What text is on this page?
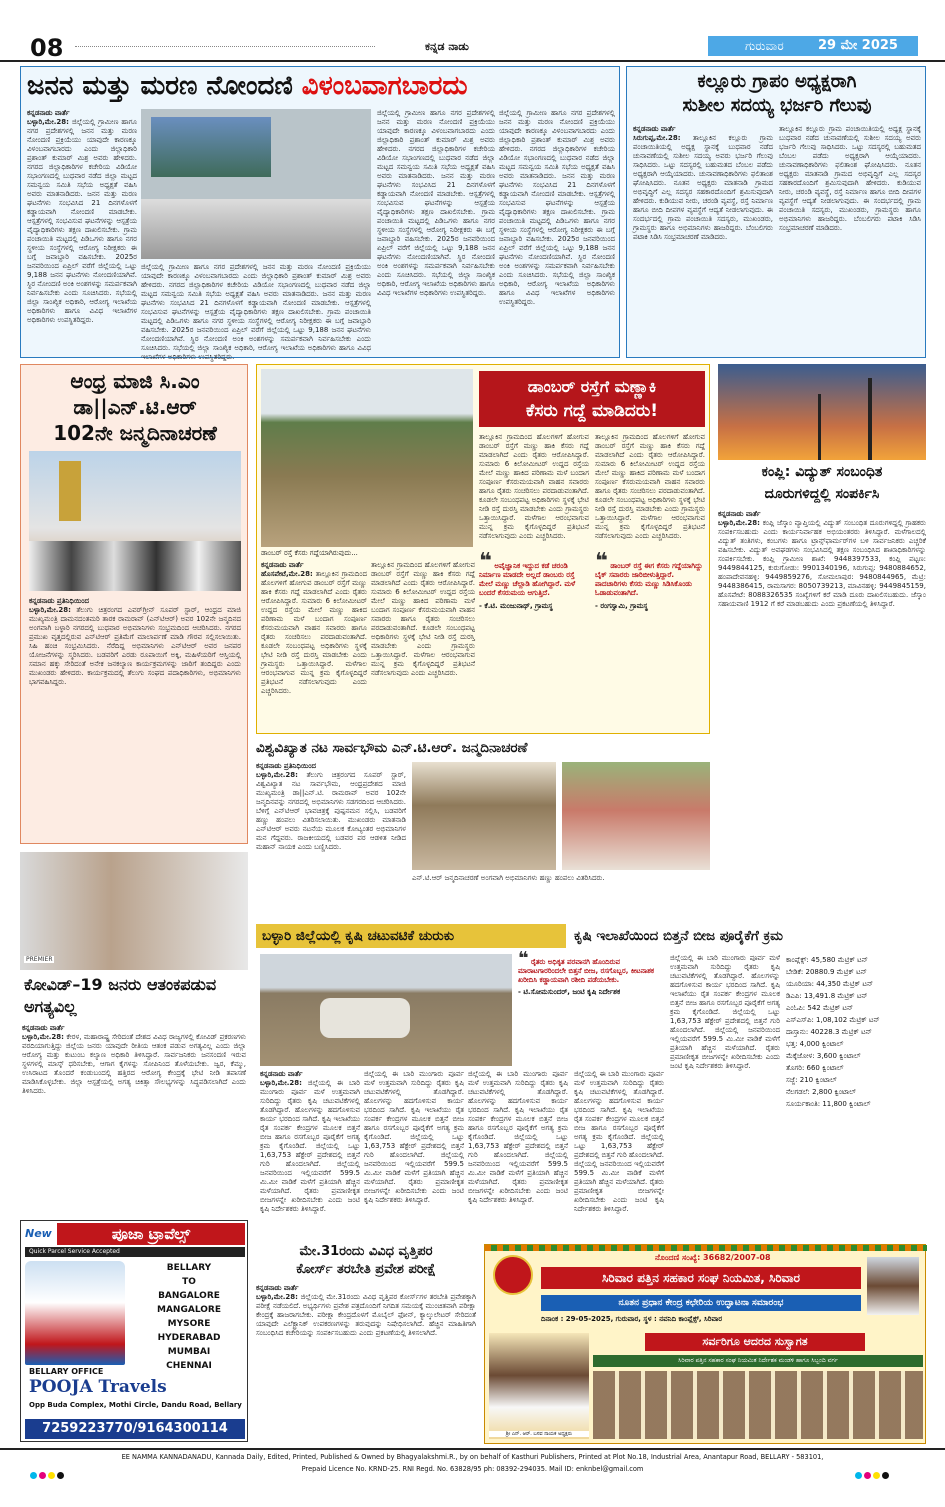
08	ಕನ್ನಡ ನಾಡು	ಗುರುವಾರ	29 ಮೇ 2025
ಜನನ ಮತ್ತು ಮರಣ ನೋಂದಣಿ ವಿಳಂಬವಾಗಬಾರದು
ಕನ್ನಡನಾಡು ವಾರ್ತೆ
ಬಳ್ಳಾರಿ,ಮೇ.28: ಜಿಲ್ಲೆಯಲ್ಲಿ ಗ್ರಾಮೀಣ ಹಾಗೂ ನಗರ ಪ್ರದೇಶಗಳಲ್ಲಿ ಜನನ ಮತ್ತು ಮರಣ ನೋಂದಣಿ ಪ್ರಕ್ರಿಯೆಯು ಯಾವುದೇ ಕಾರಣಕ್ಕೂ ವಿಳಂಬವಾಗಬಾರದು ಎಂದು ಜಿಲ್ಲಾಧಿಕಾರಿ ಪ್ರಶಾಂತ್ ಕುಮಾರ್ ಮಿಶ್ರ ಅವರು ಹೇಳಿದರು. ನಗರದ ಜಿಲ್ಲಾಧಿಕಾರಿಗಳ ಕಚೇರಿಯ ವಿಡಿಯೋ ಸಭಾಂಗಣದಲ್ಲಿ ಬುಧವಾರ ನಡೆದ ಜಿಲ್ಲಾ ಮಟ್ಟದ ಸಮನ್ವಯ ಸಮಿತಿ ಸಭೆಯ ಅಧ್ಯಕ್ಷತೆ ವಹಿಸಿ ಅವರು ಮಾತನಾಡಿದರು. ಜನನ ಮತ್ತು ಮರಣ ಘಟನೆಗಳು ಸಂಭವಿಸಿದ 21 ದಿನಗಳೊಳಗೆ ಕಡ್ಡಾಯವಾಗಿ ನೋಂದಣಿ ಮಾಡಬೇಕು. ಆಸ್ಪತ್ರೆಗಳಲ್ಲಿ ಸಂಭವಿಸುವ ಘಟನೆಗಳನ್ನು ಆಸ್ಪತ್ರೆಯ ವೈದ್ಯಾಧಿಕಾರಿಗಳು ತಕ್ಷಣ ದಾಖಲಿಸಬೇಕು. ಗ್ರಾಮ ಪಂಚಾಯಿತಿ ಮಟ್ಟದಲ್ಲಿ ಪಿಡಿಒಗಳು ಹಾಗೂ ನಗರ ಸ್ಥಳೀಯ ಸಂಸ್ಥೆಗಳಲ್ಲಿ ಆರೋಗ್ಯ ನಿರೀಕ್ಷಕರು ಈ ಬಗ್ಗೆ ಜವಾಬ್ದಾರಿ ವಹಿಸಬೇಕು. 2025ರ ಜನವರಿಯಿಂದ ಏಪ್ರಿಲ್ ವರೆಗೆ ಜಿಲ್ಲೆಯಲ್ಲಿ ಒಟ್ಟು 9,188 ಜನನ ಘಟನೆಗಳು ನೋಂದಣಿಯಾಗಿವೆ. ಸ್ಥಿರ ನೋಂದಣಿ ಅಂಕಿ ಅಂಶಗಳನ್ನು ಸಮರ್ಪಕವಾಗಿ ನಿರ್ವಹಿಸಬೇಕು ಎಂದು ಸೂಚಿಸಿದರು. ಸಭೆಯಲ್ಲಿ ಜಿಲ್ಲಾ ಸಾಂಖ್ಯಿಕ ಅಧಿಕಾರಿ, ಆರೋಗ್ಯ ಇಲಾಖೆಯ ಅಧಿಕಾರಿಗಳು ಹಾಗೂ ವಿವಿಧ ಇಲಾಖೆಗಳ ಅಧಿಕಾರಿಗಳು ಉಪಸ್ಥಿತರಿದ್ದರು.
ಜಿಲ್ಲೆಯಲ್ಲಿ ಗ್ರಾಮೀಣ ಹಾಗೂ ನಗರ ಪ್ರದೇಶಗಳಲ್ಲಿ ಜನನ ಮತ್ತು ಮರಣ ನೋಂದಣಿ ಪ್ರಕ್ರಿಯೆಯು ಯಾವುದೇ ಕಾರಣಕ್ಕೂ ವಿಳಂಬವಾಗಬಾರದು ಎಂದು ಜಿಲ್ಲಾಧಿಕಾರಿ ಪ್ರಶಾಂತ್ ಕುಮಾರ್ ಮಿಶ್ರ ಅವರು ಹೇಳಿದರು. ನಗರದ ಜಿಲ್ಲಾಧಿಕಾರಿಗಳ ಕಚೇರಿಯ ವಿಡಿಯೋ ಸಭಾಂಗಣದಲ್ಲಿ ಬುಧವಾರ ನಡೆದ ಜಿಲ್ಲಾ ಮಟ್ಟದ ಸಮನ್ವಯ ಸಮಿತಿ ಸಭೆಯ ಅಧ್ಯಕ್ಷತೆ ವಹಿಸಿ ಅವರು ಮಾತನಾಡಿದರು. ಜನನ ಮತ್ತು ಮರಣ ಘಟನೆಗಳು ಸಂಭವಿಸಿದ 21 ದಿನಗಳೊಳಗೆ ಕಡ್ಡಾಯವಾಗಿ ನೋಂದಣಿ ಮಾಡಬೇಕು. ಆಸ್ಪತ್ರೆಗಳಲ್ಲಿ ಸಂಭವಿಸುವ ಘಟನೆಗಳನ್ನು ಆಸ್ಪತ್ರೆಯ ವೈದ್ಯಾಧಿಕಾರಿಗಳು ತಕ್ಷಣ ದಾಖಲಿಸಬೇಕು. ಗ್ರಾಮ ಪಂಚಾಯಿತಿ ಮಟ್ಟದಲ್ಲಿ ಪಿಡಿಒಗಳು ಹಾಗೂ ನಗರ ಸ್ಥಳೀಯ ಸಂಸ್ಥೆಗಳಲ್ಲಿ ಆರೋಗ್ಯ ನಿರೀಕ್ಷಕರು ಈ ಬಗ್ಗೆ ಜವಾಬ್ದಾರಿ ವಹಿಸಬೇಕು. 2025ರ ಜನವರಿಯಿಂದ ಏಪ್ರಿಲ್ ವರೆಗೆ ಜಿಲ್ಲೆಯಲ್ಲಿ ಒಟ್ಟು 9,188 ಜನನ ಘಟನೆಗಳು ನೋಂದಣಿಯಾಗಿವೆ. ಸ್ಥಿರ ನೋಂದಣಿ ಅಂಕಿ ಅಂಶಗಳನ್ನು ಸಮರ್ಪಕವಾಗಿ ನಿರ್ವಹಿಸಬೇಕು ಎಂದು ಸೂಚಿಸಿದರು. ಸಭೆಯಲ್ಲಿ ಜಿಲ್ಲಾ ಸಾಂಖ್ಯಿಕ ಅಧಿಕಾರಿ, ಆರೋಗ್ಯ ಇಲಾಖೆಯ ಅಧಿಕಾರಿಗಳು ಹಾಗೂ ವಿವಿಧ ಇಲಾಖೆಗಳ ಅಧಿಕಾರಿಗಳು ಉಪಸ್ಥಿತರಿದ್ದರು.
ಜಿಲ್ಲೆಯಲ್ಲಿ ಗ್ರಾಮೀಣ ಹಾಗೂ ನಗರ ಪ್ರದೇಶಗಳಲ್ಲಿ ಜನನ ಮತ್ತು ಮರಣ ನೋಂದಣಿ ಪ್ರಕ್ರಿಯೆಯು ಯಾವುದೇ ಕಾರಣಕ್ಕೂ ವಿಳಂಬವಾಗಬಾರದು ಎಂದು ಜಿಲ್ಲಾಧಿಕಾರಿ ಪ್ರಶಾಂತ್ ಕುಮಾರ್ ಮಿಶ್ರ ಅವರು ಹೇಳಿದರು. ನಗರದ ಜಿಲ್ಲಾಧಿಕಾರಿಗಳ ಕಚೇರಿಯ ವಿಡಿಯೋ ಸಭಾಂಗಣದಲ್ಲಿ ಬುಧವಾರ ನಡೆದ ಜಿಲ್ಲಾ ಮಟ್ಟದ ಸಮನ್ವಯ ಸಮಿತಿ ಸಭೆಯ ಅಧ್ಯಕ್ಷತೆ ವಹಿಸಿ ಅವರು ಮಾತನಾಡಿದರು. ಜನನ ಮತ್ತು ಮರಣ ಘಟನೆಗಳು ಸಂಭವಿಸಿದ 21 ದಿನಗಳೊಳಗೆ ಕಡ್ಡಾಯವಾಗಿ ನೋಂದಣಿ ಮಾಡಬೇಕು. ಆಸ್ಪತ್ರೆಗಳಲ್ಲಿ ಸಂಭವಿಸುವ ಘಟನೆಗಳನ್ನು ಆಸ್ಪತ್ರೆಯ ವೈದ್ಯಾಧಿಕಾರಿಗಳು ತಕ್ಷಣ ದಾಖಲಿಸಬೇಕು. ಗ್ರಾಮ ಪಂಚಾಯಿತಿ ಮಟ್ಟದಲ್ಲಿ ಪಿಡಿಒಗಳು ಹಾಗೂ ನಗರ ಸ್ಥಳೀಯ ಸಂಸ್ಥೆಗಳಲ್ಲಿ ಆರೋಗ್ಯ ನಿರೀಕ್ಷಕರು ಈ ಬಗ್ಗೆ ಜವಾಬ್ದಾರಿ ವಹಿಸಬೇಕು. 2025ರ ಜನವರಿಯಿಂದ ಏಪ್ರಿಲ್ ವರೆಗೆ ಜಿಲ್ಲೆಯಲ್ಲಿ ಒಟ್ಟು 9,188 ಜನನ ಘಟನೆಗಳು ನೋಂದಣಿಯಾಗಿವೆ. ಸ್ಥಿರ ನೋಂದಣಿ ಅಂಕಿ ಅಂಶಗಳನ್ನು ಸಮರ್ಪಕವಾಗಿ ನಿರ್ವಹಿಸಬೇಕು ಎಂದು ಸೂಚಿಸಿದರು. ಸಭೆಯಲ್ಲಿ ಜಿಲ್ಲಾ ಸಾಂಖ್ಯಿಕ ಅಧಿಕಾರಿ, ಆರೋಗ್ಯ ಇಲಾಖೆಯ ಅಧಿಕಾರಿಗಳು ಹಾಗೂ ವಿವಿಧ ಇಲಾಖೆಗಳ ಅಧಿಕಾರಿಗಳು ಉಪಸ್ಥಿತರಿದ್ದರು.
ಜಿಲ್ಲೆಯಲ್ಲಿ ಗ್ರಾಮೀಣ ಹಾಗೂ ನಗರ ಪ್ರದೇಶಗಳಲ್ಲಿ ಜನನ ಮತ್ತು ಮರಣ ನೋಂದಣಿ ಪ್ರಕ್ರಿಯೆಯು ಯಾವುದೇ ಕಾರಣಕ್ಕೂ ವಿಳಂಬವಾಗಬಾರದು ಎಂದು ಜಿಲ್ಲಾಧಿಕಾರಿ ಪ್ರಶಾಂತ್ ಕುಮಾರ್ ಮಿಶ್ರ ಅವರು ಹೇಳಿದರು. ನಗರದ ಜಿಲ್ಲಾಧಿಕಾರಿಗಳ ಕಚೇರಿಯ ವಿಡಿಯೋ ಸಭಾಂಗಣದಲ್ಲಿ ಬುಧವಾರ ನಡೆದ ಜಿಲ್ಲಾ ಮಟ್ಟದ ಸಮನ್ವಯ ಸಮಿತಿ ಸಭೆಯ ಅಧ್ಯಕ್ಷತೆ ವಹಿಸಿ ಅವರು ಮಾತನಾಡಿದರು. ಜನನ ಮತ್ತು ಮರಣ ಘಟನೆಗಳು ಸಂಭವಿಸಿದ 21 ದಿನಗಳೊಳಗೆ ಕಡ್ಡಾಯವಾಗಿ ನೋಂದಣಿ ಮಾಡಬೇಕು. ಆಸ್ಪತ್ರೆಗಳಲ್ಲಿ ಸಂಭವಿಸುವ ಘಟನೆಗಳನ್ನು ಆಸ್ಪತ್ರೆಯ ವೈದ್ಯಾಧಿಕಾರಿಗಳು ತಕ್ಷಣ ದಾಖಲಿಸಬೇಕು. ಗ್ರಾಮ ಪಂಚಾಯಿತಿ ಮಟ್ಟದಲ್ಲಿ ಪಿಡಿಒಗಳು ಹಾಗೂ ನಗರ ಸ್ಥಳೀಯ ಸಂಸ್ಥೆಗಳಲ್ಲಿ ಆರೋಗ್ಯ ನಿರೀಕ್ಷಕರು ಈ ಬಗ್ಗೆ ಜವಾಬ್ದಾರಿ ವಹಿಸಬೇಕು. 2025ರ ಜನವರಿಯಿಂದ ಏಪ್ರಿಲ್ ವರೆಗೆ ಜಿಲ್ಲೆಯಲ್ಲಿ ಒಟ್ಟು 9,188 ಜನನ ಘಟನೆಗಳು ನೋಂದಣಿಯಾಗಿವೆ. ಸ್ಥಿರ ನೋಂದಣಿ ಅಂಕಿ ಅಂಶಗಳನ್ನು ಸಮರ್ಪಕವಾಗಿ ನಿರ್ವಹಿಸಬೇಕು ಎಂದು ಸೂಚಿಸಿದರು. ಸಭೆಯಲ್ಲಿ ಜಿಲ್ಲಾ ಸಾಂಖ್ಯಿಕ ಅಧಿಕಾರಿ, ಆರೋಗ್ಯ ಇಲಾಖೆಯ ಅಧಿಕಾರಿಗಳು ಹಾಗೂ ವಿವಿಧ ಇಲಾಖೆಗಳ ಅಧಿಕಾರಿಗಳು ಉಪಸ್ಥಿತರಿದ್ದರು.
ಕಲ್ಲೂರು ಗ್ರಾಪಂ ಅಧ್ಯಕ್ಷರಾಗಿ
ಸುಶೀಲ ಸದಯ್ಯ ಭರ್ಜರಿ ಗೆಲುವು
ಕನ್ನಡನಾಡು ವಾರ್ತೆ
ಸಿರುಗುಪ್ಪ,ಮೇ.28: ತಾಲ್ಲೂಕಿನ ಕಲ್ಲೂರು ಗ್ರಾಮ ಪಂಚಾಯಿತಿಯಲ್ಲಿ ಅಧ್ಯಕ್ಷ ಸ್ಥಾನಕ್ಕೆ ಬುಧವಾರ ನಡೆದ ಚುನಾವಣೆಯಲ್ಲಿ ಸುಶೀಲ ಸದಯ್ಯ ಅವರು ಭರ್ಜರಿ ಗೆಲುವು ಸಾಧಿಸಿದರು. ಒಟ್ಟು ಸದಸ್ಯರಲ್ಲಿ ಬಹುಮತದ ಬೆಂಬಲ ಪಡೆದು ಅಧ್ಯಕ್ಷರಾಗಿ ಆಯ್ಕೆಯಾದರು. ಚುನಾವಣಾಧಿಕಾರಿಗಳು ಫಲಿತಾಂಶ ಘೋಷಿಸಿದರು. ನೂತನ ಅಧ್ಯಕ್ಷರು ಮಾತನಾಡಿ ಗ್ರಾಮದ ಅಭಿವೃದ್ಧಿಗೆ ಎಲ್ಲ ಸದಸ್ಯರ ಸಹಕಾರದೊಂದಿಗೆ ಶ್ರಮಿಸುವುದಾಗಿ ಹೇಳಿದರು. ಕುಡಿಯುವ ನೀರು, ಚರಂಡಿ ವ್ಯವಸ್ಥೆ, ರಸ್ತೆ ನಿರ್ಮಾಣ ಹಾಗೂ ಬೀದಿ ದೀಪಗಳ ವ್ಯವಸ್ಥೆಗೆ ಆದ್ಯತೆ ನೀಡಲಾಗುವುದು. ಈ ಸಂದರ್ಭದಲ್ಲಿ ಗ್ರಾಮ ಪಂಚಾಯಿತಿ ಸದಸ್ಯರು, ಮುಖಂಡರು, ಗ್ರಾಮಸ್ಥರು ಹಾಗೂ ಅಭಿಮಾನಿಗಳು ಹಾಜರಿದ್ದರು. ಬೆಂಬಲಿಗರು ಪಟಾಕಿ ಸಿಡಿಸಿ ಸಂಭ್ರಮಾಚರಣೆ ಮಾಡಿದರು.
ತಾಲ್ಲೂಕಿನ ಕಲ್ಲೂರು ಗ್ರಾಮ ಪಂಚಾಯಿತಿಯಲ್ಲಿ ಅಧ್ಯಕ್ಷ ಸ್ಥಾನಕ್ಕೆ ಬುಧವಾರ ನಡೆದ ಚುನಾವಣೆಯಲ್ಲಿ ಸುಶೀಲ ಸದಯ್ಯ ಅವರು ಭರ್ಜರಿ ಗೆಲುವು ಸಾಧಿಸಿದರು. ಒಟ್ಟು ಸದಸ್ಯರಲ್ಲಿ ಬಹುಮತದ ಬೆಂಬಲ ಪಡೆದು ಅಧ್ಯಕ್ಷರಾಗಿ ಆಯ್ಕೆಯಾದರು. ಚುನಾವಣಾಧಿಕಾರಿಗಳು ಫಲಿತಾಂಶ ಘೋಷಿಸಿದರು. ನೂತನ ಅಧ್ಯಕ್ಷರು ಮಾತನಾಡಿ ಗ್ರಾಮದ ಅಭಿವೃದ್ಧಿಗೆ ಎಲ್ಲ ಸದಸ್ಯರ ಸಹಕಾರದೊಂದಿಗೆ ಶ್ರಮಿಸುವುದಾಗಿ ಹೇಳಿದರು. ಕುಡಿಯುವ ನೀರು, ಚರಂಡಿ ವ್ಯವಸ್ಥೆ, ರಸ್ತೆ ನಿರ್ಮಾಣ ಹಾಗೂ ಬೀದಿ ದೀಪಗಳ ವ್ಯವಸ್ಥೆಗೆ ಆದ್ಯತೆ ನೀಡಲಾಗುವುದು. ಈ ಸಂದರ್ಭದಲ್ಲಿ ಗ್ರಾಮ ಪಂಚಾಯಿತಿ ಸದಸ್ಯರು, ಮುಖಂಡರು, ಗ್ರಾಮಸ್ಥರು ಹಾಗೂ ಅಭಿಮಾನಿಗಳು ಹಾಜರಿದ್ದರು. ಬೆಂಬಲಿಗರು ಪಟಾಕಿ ಸಿಡಿಸಿ ಸಂಭ್ರಮಾಚರಣೆ ಮಾಡಿದರು.
ಆಂಧ್ರ ಮಾಜಿ ಸಿ.ಎಂ
ಡಾ||ಎನ್.ಟಿ.ಆರ್
102ನೇ ಜನ್ಮದಿನಾಚರಣೆ
ಕನ್ನಡನಾಡು ಪ್ರತಿನಿಧಿಯಿಂದ
ಬಳ್ಳಾರಿ,ಮೇ.28: ತೆಲುಗು ಚಿತ್ರರಂಗದ ಎವರ್‌ಗ್ರೀನ್ ಸೂಪರ್ ಸ್ಟಾರ್, ಆಂಧ್ರದ ಮಾಜಿ ಮುಖ್ಯಮಂತ್ರಿ ದಾಮನದಂತಮರಿ ತಾರಕ ರಾಮರಾವ್ (ಎನ್‌ಟಿಆರ್) ಅವರ 102ನೇ ಜನ್ಮದಿನದ ಅಂಗವಾಗಿ ಬಳ್ಳಾರಿ ನಗರದಲ್ಲಿ ಬುಧವಾರ ಅಭಿಮಾನಿಗಳು ಸಂಭ್ರಮದಿಂದ ಆಚರಿಸಿದರು. ನಗರದ ಪ್ರಮುಖ ವೃತ್ತದಲ್ಲಿರುವ ಎನ್‌ಟಿಆರ್ ಪ್ರತಿಮೆಗೆ ಮಾಲಾರ್ಪಣೆ ಮಾಡಿ ಗೌರವ ಸಲ್ಲಿಸಲಾಯಿತು. ಸಿಹಿ ಹಂಚಿ ಸಂಭ್ರಮಿಸಿದರು. ನೆರೆದಿದ್ದ ಅಭಿಮಾನಿಗಳು ಎನ್‌ಟಿಆರ್ ಅವರ ಜನಪರ ಯೋಜನೆಗಳನ್ನು ಸ್ಮರಿಸಿದರು. ಬಡವರಿಗೆ ಎರಡು ರೂಪಾಯಿಗೆ ಅಕ್ಕಿ, ಮಹಿಳೆಯರಿಗೆ ಆಸ್ತಿಯಲ್ಲಿ ಸಮಾನ ಹಕ್ಕು ಸೇರಿದಂತೆ ಅನೇಕ ಜನಕಲ್ಯಾಣ ಕಾರ್ಯಕ್ರಮಗಳನ್ನು ಜಾರಿಗೆ ತಂದಿದ್ದರು ಎಂದು ಮುಖಂಡರು ಹೇಳಿದರು. ಕಾರ್ಯಕ್ರಮದಲ್ಲಿ ತೆಲುಗು ಸಂಘದ ಪದಾಧಿಕಾರಿಗಳು, ಅಭಿಮಾನಿಗಳು ಭಾಗವಹಿಸಿದ್ದರು.
ಡಾಂಬರ್ ರಸ್ತೆ ಕೆಸರು ಗದ್ದೆಯಾಗಿರುವುದು...
ಡಾಂಬರ್ ರಸ್ತೆಗೆ ಮಣ್ಣಾಕಿ
ಕೆಸರು ಗದ್ದೆ ಮಾಡಿದರು!
ತಾಲ್ಲೂಕಿನ ಗ್ರಾಮದಿಂದ ಹೊಲಗಳಿಗೆ ಹೋಗುವ ಡಾಂಬರ್ ರಸ್ತೆಗೆ ಮಣ್ಣು ಹಾಕಿ ಕೆಸರು ಗದ್ದೆ ಮಾಡಲಾಗಿದೆ ಎಂದು ರೈತರು ಆರೋಪಿಸಿದ್ದಾರೆ. ಸುಮಾರು 6 ಕಿಲೋಮೀಟರ್ ಉದ್ದದ ರಸ್ತೆಯ ಮೇಲೆ ಮಣ್ಣು ಹಾಕಿದ ಪರಿಣಾಮ ಮಳೆ ಬಂದಾಗ ಸಂಪೂರ್ಣ ಕೆಸರುಮಯವಾಗಿ ವಾಹನ ಸವಾರರು ಹಾಗೂ ರೈತರು ಸಂಚರಿಸಲು ಪರದಾಡುವಂತಾಗಿದೆ. ಕೂಡಲೇ ಸಂಬಂಧಪಟ್ಟ ಅಧಿಕಾರಿಗಳು ಸ್ಥಳಕ್ಕೆ ಭೇಟಿ ನೀಡಿ ರಸ್ತೆ ದುರಸ್ತಿ ಮಾಡಬೇಕು ಎಂದು ಗ್ರಾಮಸ್ಥರು ಒತ್ತಾಯಿಸಿದ್ದಾರೆ. ಮಳೆಗಾಲ ಆರಂಭವಾಗುವ ಮುನ್ನ ಕ್ರಮ ಕೈಗೊಳ್ಳದಿದ್ದರೆ ಪ್ರತಿಭಟನೆ ನಡೆಸಲಾಗುವುದು ಎಂದು ಎಚ್ಚರಿಸಿದರು.
ತಾಲ್ಲೂಕಿನ ಗ್ರಾಮದಿಂದ ಹೊಲಗಳಿಗೆ ಹೋಗುವ ಡಾಂಬರ್ ರಸ್ತೆಗೆ ಮಣ್ಣು ಹಾಕಿ ಕೆಸರು ಗದ್ದೆ ಮಾಡಲಾಗಿದೆ ಎಂದು ರೈತರು ಆರೋಪಿಸಿದ್ದಾರೆ. ಸುಮಾರು 6 ಕಿಲೋಮೀಟರ್ ಉದ್ದದ ರಸ್ತೆಯ ಮೇಲೆ ಮಣ್ಣು ಹಾಕಿದ ಪರಿಣಾಮ ಮಳೆ ಬಂದಾಗ ಸಂಪೂರ್ಣ ಕೆಸರುಮಯವಾಗಿ ವಾಹನ ಸವಾರರು ಹಾಗೂ ರೈತರು ಸಂಚರಿಸಲು ಪರದಾಡುವಂತಾಗಿದೆ. ಕೂಡಲೇ ಸಂಬಂಧಪಟ್ಟ ಅಧಿಕಾರಿಗಳು ಸ್ಥಳಕ್ಕೆ ಭೇಟಿ ನೀಡಿ ರಸ್ತೆ ದುರಸ್ತಿ ಮಾಡಬೇಕು ಎಂದು ಗ್ರಾಮಸ್ಥರು ಒತ್ತಾಯಿಸಿದ್ದಾರೆ. ಮಳೆಗಾಲ ಆರಂಭವಾಗುವ ಮುನ್ನ ಕ್ರಮ ಕೈಗೊಳ್ಳದಿದ್ದರೆ ಪ್ರತಿಭಟನೆ ನಡೆಸಲಾಗುವುದು ಎಂದು ಎಚ್ಚರಿಸಿದರು.
ಕನ್ನಡನಾಡು ವಾರ್ತೆ
ಹೊಸಪೇಟೆ,ಮೇ.28: ತಾಲ್ಲೂಕಿನ ಗ್ರಾಮದಿಂದ ಹೊಲಗಳಿಗೆ ಹೋಗುವ ಡಾಂಬರ್ ರಸ್ತೆಗೆ ಮಣ್ಣು ಹಾಕಿ ಕೆಸರು ಗದ್ದೆ ಮಾಡಲಾಗಿದೆ ಎಂದು ರೈತರು ಆರೋಪಿಸಿದ್ದಾರೆ. ಸುಮಾರು 6 ಕಿಲೋಮೀಟರ್ ಉದ್ದದ ರಸ್ತೆಯ ಮೇಲೆ ಮಣ್ಣು ಹಾಕಿದ ಪರಿಣಾಮ ಮಳೆ ಬಂದಾಗ ಸಂಪೂರ್ಣ ಕೆಸರುಮಯವಾಗಿ ವಾಹನ ಸವಾರರು ಹಾಗೂ ರೈತರು ಸಂಚರಿಸಲು ಪರದಾಡುವಂತಾಗಿದೆ. ಕೂಡಲೇ ಸಂಬಂಧಪಟ್ಟ ಅಧಿಕಾರಿಗಳು ಸ್ಥಳಕ್ಕೆ ಭೇಟಿ ನೀಡಿ ರಸ್ತೆ ದುರಸ್ತಿ ಮಾಡಬೇಕು ಎಂದು ಗ್ರಾಮಸ್ಥರು ಒತ್ತಾಯಿಸಿದ್ದಾರೆ. ಮಳೆಗಾಲ ಆರಂಭವಾಗುವ ಮುನ್ನ ಕ್ರಮ ಕೈಗೊಳ್ಳದಿದ್ದರೆ ಪ್ರತಿಭಟನೆ ನಡೆಸಲಾಗುವುದು ಎಂದು ಎಚ್ಚರಿಸಿದರು.
ತಾಲ್ಲೂಕಿನ ಗ್ರಾಮದಿಂದ ಹೊಲಗಳಿಗೆ ಹೋಗುವ ಡಾಂಬರ್ ರಸ್ತೆಗೆ ಮಣ್ಣು ಹಾಕಿ ಕೆಸರು ಗದ್ದೆ ಮಾಡಲಾಗಿದೆ ಎಂದು ರೈತರು ಆರೋಪಿಸಿದ್ದಾರೆ. ಸುಮಾರು 6 ಕಿಲೋಮೀಟರ್ ಉದ್ದದ ರಸ್ತೆಯ ಮೇಲೆ ಮಣ್ಣು ಹಾಕಿದ ಪರಿಣಾಮ ಮಳೆ ಬಂದಾಗ ಸಂಪೂರ್ಣ ಕೆಸರುಮಯವಾಗಿ ವಾಹನ ಸವಾರರು ಹಾಗೂ ರೈತರು ಸಂಚರಿಸಲು ಪರದಾಡುವಂತಾಗಿದೆ. ಕೂಡಲೇ ಸಂಬಂಧಪಟ್ಟ ಅಧಿಕಾರಿಗಳು ಸ್ಥಳಕ್ಕೆ ಭೇಟಿ ನೀಡಿ ರಸ್ತೆ ದುರಸ್ತಿ ಮಾಡಬೇಕು ಎಂದು ಗ್ರಾಮಸ್ಥರು ಒತ್ತಾಯಿಸಿದ್ದಾರೆ. ಮಳೆಗಾಲ ಆರಂಭವಾಗುವ ಮುನ್ನ ಕ್ರಮ ಕೈಗೊಳ್ಳದಿದ್ದರೆ ಪ್ರತಿಭಟನೆ ನಡೆಸಲಾಗುವುದು ಎಂದು ಎಚ್ಚರಿಸಿದರು.
❝ ಅವೈಜ್ಞಾನಿಕ ಇದ್ದುದ ಕಡೆ ಚರಂಡಿ ನಿರ್ಮಾಣ ಮಾಡದೇ ಅಲ್ಲದೆ ಡಾಂಬರು ರಸ್ತೆ ಮೇಲೆ ಮಣ್ಣು ಚೆಲ್ಲಾಡಿ ಹೋಗಿದ್ದಾರೆ. ಮಳೆ ಬಂದರೆ ಕೆಸರುಮಯ ಆಗುತ್ತಿದೆ.
- ಕೆ.ಟಿ. ಮಂಜುನಾಥ್, ಗ್ರಾಮಸ್ಥ
❝ ಡಾಂಬರ್ ರಸ್ತೆ ಈಗ ಕೆಸರು ಗದ್ದೆಯಾಗಿದ್ದು ಬೈಕ್ ಸವಾರರು ಜಾರಿಬೀಳುತ್ತಿದ್ದಾರೆ. ಪಾದಚಾರಿಗಳು ಕೆಸರು ಮಣ್ಣು ಸಿಡಿಸಿಕೊಂಡು ಓಡಾಡುವಂತಾಗಿದೆ.
- ರಂಗಸ್ವಾಮಿ, ಗ್ರಾಮಸ್ಥ
ಕಂಪ್ಲಿ: ವಿದ್ಯುತ್ ಸಂಬಂಧಿತ
ದೂರುಗಳಿದ್ದಲ್ಲಿ ಸಂಪರ್ಕಿಸಿ
ಕನ್ನಡನಾಡು ವಾರ್ತೆ
ಬಳ್ಳಾರಿ,ಮೇ.28: ಕಂಪ್ಲಿ ಜೆಸ್ಕಾಂ ವ್ಯಾಪ್ತಿಯಲ್ಲಿ ವಿದ್ಯುತ್ ಸಂಬಂಧಿತ ದೂರುಗಳಿದ್ದಲ್ಲಿ ಗ್ರಾಹಕರು ಸಂಪರ್ಕಿಸಬಹುದು ಎಂದು ಕಾರ್ಯನಿರ್ವಾಹಕ ಅಭಿಯಂತರರು ತಿಳಿಸಿದ್ದಾರೆ. ಮಳೆಗಾಲದಲ್ಲಿ ವಿದ್ಯುತ್ ತಂತಿಗಳು, ಕಂಬಗಳು ಹಾಗೂ ಟ್ರಾನ್ಸ್‌ಫಾರ್ಮರ್‌ಗಳ ಬಳಿ ಸಾರ್ವಜನಿಕರು ಎಚ್ಚರಿಕೆ ವಹಿಸಬೇಕು. ವಿದ್ಯುತ್ ಅವಘಡಗಳು ಸಂಭವಿಸಿದಲ್ಲಿ ತಕ್ಷಣ ಸಂಬಂಧಿಸಿದ ಶಾಖಾಧಿಕಾರಿಗಳನ್ನು ಸಂಪರ್ಕಿಸಬೇಕು. ಕಂಪ್ಲಿ ಗ್ರಾಮೀಣ ಶಾಖೆ: 9448397533, ಕಂಪ್ಲಿ ಪಟ್ಟಣ: 9449844125, ಕುರುಗೋಡು: 9901340196, ಸಿರುಗುಪ್ಪ: 9480884652, ಹಂಪಾದೇವನಹಳ್ಳಿ: 9449859276, ಸೋಮಲಾಪುರ: 9480844965, ಮೆಟ್ರಿ: 9448386415, ರಾಮಸಾಗರ: 8050739213, ಮಾವಿನಹಳ್ಳಿ: 9449845159, ಹೊಸಪೇಟೆ: 8088326535 ಸಂಖ್ಯೆಗಳಿಗೆ ಕರೆ ಮಾಡಿ ದೂರು ದಾಖಲಿಸಬಹುದು. ಜೆಸ್ಕಾಂ ಸಹಾಯವಾಣಿ 1912 ಗೆ ಕರೆ ಮಾಡಬಹುದು ಎಂದು ಪ್ರಕಟಣೆಯಲ್ಲಿ ತಿಳಿಸಿದ್ದಾರೆ.
ವಿಶ್ವವಿಖ್ಯಾತ ನಟ ಸಾರ್ವಭೌಮ ಎನ್.ಟಿ.ಆರ್. ಜನ್ಮದಿನಾಚರಣೆ
ಕನ್ನಡನಾಡು ಪ್ರತಿನಿಧಿಯಿಂದ
ಬಳ್ಳಾರಿ,ಮೇ.28: ತೆಲುಗು ಚಿತ್ರರಂಗದ ಸೂಪರ್ ಸ್ಟಾರ್, ವಿಶ್ವವಿಖ್ಯಾತ ನಟ ಸಾರ್ವಭೌಮ, ಆಂಧ್ರಪ್ರದೇಶದ ಮಾಜಿ ಮುಖ್ಯಮಂತ್ರಿ ಡಾ||ಎನ್.ಟಿ. ರಾಮರಾವ್ ಅವರ 102ನೇ ಜನ್ಮದಿನವನ್ನು ನಗರದಲ್ಲಿ ಅಭಿಮಾನಿಗಳು ಸಡಗರದಿಂದ ಆಚರಿಸಿದರು. ಬೆಳಿಗ್ಗೆ ಎನ್‌ಟಿಆರ್ ಭಾವಚಿತ್ರಕ್ಕೆ ಪುಷ್ಪನಮನ ಸಲ್ಲಿಸಿ, ಬಡವರಿಗೆ ಹಣ್ಣು ಹಂಪಲು ವಿತರಿಸಲಾಯಿತು. ಮುಖಂಡರು ಮಾತನಾಡಿ ಎನ್‌ಟಿಆರ್ ಅವರು ನಟನೆಯ ಮೂಲಕ ಕೋಟ್ಯಂತರ ಅಭಿಮಾನಿಗಳ ಮನ ಗೆದ್ದವರು. ರಾಜಕೀಯದಲ್ಲಿ ಬಡವರ ಪರ ಆಡಳಿತ ನೀಡಿದ ಮಹಾನ್ ನಾಯಕ ಎಂದು ಬಣ್ಣಿಸಿದರು.
ಎನ್.ಟಿ.ಆರ್ ಜನ್ಮದಿನಾಚರಣೆ ಅಂಗವಾಗಿ ಅಭಿಮಾನಿಗಳು ಹಣ್ಣು ಹಂಪಲು ವಿತರಿಸಿದರು.
PREMIER
ಕೋವಿಡ್–19 ಜನರು ಆತಂಕಪಡುವ ಅಗತ್ಯವಿಲ್ಲ
ಕನ್ನಡನಾಡು ವಾರ್ತೆ
ಬಳ್ಳಾರಿ,ಮೇ.28: ಕೇರಳ, ಮಹಾರಾಷ್ಟ್ರ ಸೇರಿದಂತೆ ದೇಶದ ವಿವಿಧ ರಾಜ್ಯಗಳಲ್ಲಿ ಕೋವಿಡ್ ಪ್ರಕರಣಗಳು ವರದಿಯಾಗುತ್ತಿದ್ದು ಜಿಲ್ಲೆಯ ಜನರು ಯಾವುದೇ ರೀತಿಯ ಆತಂಕ ಪಡುವ ಅಗತ್ಯವಿಲ್ಲ ಎಂದು ಜಿಲ್ಲಾ ಆರೋಗ್ಯ ಮತ್ತು ಕುಟುಂಬ ಕಲ್ಯಾಣ ಅಧಿಕಾರಿ ತಿಳಿಸಿದ್ದಾರೆ. ಸಾರ್ವಜನಿಕರು ಜನಸಂದಣಿ ಇರುವ ಸ್ಥಳಗಳಲ್ಲಿ ಮಾಸ್ಕ್ ಧರಿಸಬೇಕು, ಆಗಾಗ ಕೈಗಳನ್ನು ಸೋಪಿನಿಂದ ತೊಳೆಯಬೇಕು. ಜ್ವರ, ಕೆಮ್ಮು, ಉಸಿರಾಟದ ತೊಂದರೆ ಕಂಡುಬಂದಲ್ಲಿ ಹತ್ತಿರದ ಆರೋಗ್ಯ ಕೇಂದ್ರಕ್ಕೆ ಭೇಟಿ ನೀಡಿ ತಪಾಸಣೆ ಮಾಡಿಸಿಕೊಳ್ಳಬೇಕು. ಜಿಲ್ಲಾ ಆಸ್ಪತ್ರೆಯಲ್ಲಿ ಅಗತ್ಯ ಚಿಕಿತ್ಸಾ ಸೌಲಭ್ಯಗಳನ್ನು ಸಿದ್ಧಪಡಿಸಲಾಗಿದೆ ಎಂದು ತಿಳಿಸಿದರು.
ಬಳ್ಳಾರಿ ಜಿಲ್ಲೆಯಲ್ಲಿ ಕೃಷಿ ಚಟುವಟಿಕೆ ಚುರುಕು	ಕೃಷಿ ಇಲಾಖೆಯಿಂದ ಬಿತ್ತನೆ ಬೀಜ ಪೂರೈಕೆಗೆ ಕ್ರಮ
❝ ರೈತರು ಅಧಿಕೃತ ಪರವಾನಗಿ ಹೊಂದಿರುವ ಮಾರಾಟಗಾರರಿಂದಲೇ ಬಿತ್ತನೆ ಬೀಜ, ರಸಗೊಬ್ಬರ, ಕೀಟನಾಶಕ ಖರೀದಿಸಿ ಕಡ್ಡಾಯವಾಗಿ ರಶೀದಿ ಪಡೆಯಬೇಕು.
- ಟಿ.ಸೋಮಸುಂದರ್, ಜಂಟಿ ಕೃಷಿ ನಿರ್ದೇಶಕ
ಕನ್ನಡನಾಡು ವಾರ್ತೆ
ಬಳ್ಳಾರಿ,ಮೇ.28: ಜಿಲ್ಲೆಯಲ್ಲಿ ಈ ಬಾರಿ ಮುಂಗಾರು ಪೂರ್ವ ಮಳೆ ಉತ್ತಮವಾಗಿ ಸುರಿದಿದ್ದು ರೈತರು ಕೃಷಿ ಚಟುವಟಿಕೆಗಳಲ್ಲಿ ತೊಡಗಿದ್ದಾರೆ. ಹೊಲಗಳನ್ನು ಹದಗೊಳಿಸುವ ಕಾರ್ಯ ಭರದಿಂದ ಸಾಗಿದೆ. ಕೃಷಿ ಇಲಾಖೆಯು ರೈತ ಸಂಪರ್ಕ ಕೇಂದ್ರಗಳ ಮೂಲಕ ಬಿತ್ತನೆ ಬೀಜ ಹಾಗೂ ರಸಗೊಬ್ಬರ ಪೂರೈಕೆಗೆ ಅಗತ್ಯ ಕ್ರಮ ಕೈಗೊಂಡಿದೆ. ಜಿಲ್ಲೆಯಲ್ಲಿ ಒಟ್ಟು 1,63,753 ಹೆಕ್ಟೇರ್ ಪ್ರದೇಶದಲ್ಲಿ ಬಿತ್ತನೆ ಗುರಿ ಹೊಂದಲಾಗಿದೆ. ಜಿಲ್ಲೆಯಲ್ಲಿ ಜನವರಿಯಿಂದ ಇಲ್ಲಿಯವರೆಗೆ 599.5 ಮಿ.ಮೀ ವಾಡಿಕೆ ಮಳೆಗೆ ಪ್ರತಿಯಾಗಿ ಹೆಚ್ಚಿನ ಮಳೆಯಾಗಿದೆ. ರೈತರು ಪ್ರಮಾಣೀಕೃತ ಬೀಜಗಳನ್ನೇ ಖರೀದಿಸಬೇಕು ಎಂದು ಜಂಟಿ ಕೃಷಿ ನಿರ್ದೇಶಕರು ತಿಳಿಸಿದ್ದಾರೆ.
ಜಿಲ್ಲೆಯಲ್ಲಿ ಈ ಬಾರಿ ಮುಂಗಾರು ಪೂರ್ವ ಮಳೆ ಉತ್ತಮವಾಗಿ ಸುರಿದಿದ್ದು ರೈತರು ಕೃಷಿ ಚಟುವಟಿಕೆಗಳಲ್ಲಿ ತೊಡಗಿದ್ದಾರೆ. ಹೊಲಗಳನ್ನು ಹದಗೊಳಿಸುವ ಕಾರ್ಯ ಭರದಿಂದ ಸಾಗಿದೆ. ಕೃಷಿ ಇಲಾಖೆಯು ರೈತ ಸಂಪರ್ಕ ಕೇಂದ್ರಗಳ ಮೂಲಕ ಬಿತ್ತನೆ ಬೀಜ ಹಾಗೂ ರಸಗೊಬ್ಬರ ಪೂರೈಕೆಗೆ ಅಗತ್ಯ ಕ್ರಮ ಕೈಗೊಂಡಿದೆ. ಜಿಲ್ಲೆಯಲ್ಲಿ ಒಟ್ಟು 1,63,753 ಹೆಕ್ಟೇರ್ ಪ್ರದೇಶದಲ್ಲಿ ಬಿತ್ತನೆ ಗುರಿ ಹೊಂದಲಾಗಿದೆ. ಜಿಲ್ಲೆಯಲ್ಲಿ ಜನವರಿಯಿಂದ ಇಲ್ಲಿಯವರೆಗೆ 599.5 ಮಿ.ಮೀ ವಾಡಿಕೆ ಮಳೆಗೆ ಪ್ರತಿಯಾಗಿ ಹೆಚ್ಚಿನ ಮಳೆಯಾಗಿದೆ. ರೈತರು ಪ್ರಮಾಣೀಕೃತ ಬೀಜಗಳನ್ನೇ ಖರೀದಿಸಬೇಕು ಎಂದು ಜಂಟಿ ಕೃಷಿ ನಿರ್ದೇಶಕರು ತಿಳಿಸಿದ್ದಾರೆ.
ಜಿಲ್ಲೆಯಲ್ಲಿ ಈ ಬಾರಿ ಮುಂಗಾರು ಪೂರ್ವ ಮಳೆ ಉತ್ತಮವಾಗಿ ಸುರಿದಿದ್ದು ರೈತರು ಕೃಷಿ ಚಟುವಟಿಕೆಗಳಲ್ಲಿ ತೊಡಗಿದ್ದಾರೆ. ಹೊಲಗಳನ್ನು ಹದಗೊಳಿಸುವ ಕಾರ್ಯ ಭರದಿಂದ ಸಾಗಿದೆ. ಕೃಷಿ ಇಲಾಖೆಯು ರೈತ ಸಂಪರ್ಕ ಕೇಂದ್ರಗಳ ಮೂಲಕ ಬಿತ್ತನೆ ಬೀಜ ಹಾಗೂ ರಸಗೊಬ್ಬರ ಪೂರೈಕೆಗೆ ಅಗತ್ಯ ಕ್ರಮ ಕೈಗೊಂಡಿದೆ. ಜಿಲ್ಲೆಯಲ್ಲಿ ಒಟ್ಟು 1,63,753 ಹೆಕ್ಟೇರ್ ಪ್ರದೇಶದಲ್ಲಿ ಬಿತ್ತನೆ ಗುರಿ ಹೊಂದಲಾಗಿದೆ. ಜಿಲ್ಲೆಯಲ್ಲಿ ಜನವರಿಯಿಂದ ಇಲ್ಲಿಯವರೆಗೆ 599.5 ಮಿ.ಮೀ ವಾಡಿಕೆ ಮಳೆಗೆ ಪ್ರತಿಯಾಗಿ ಹೆಚ್ಚಿನ ಮಳೆಯಾಗಿದೆ. ರೈತರು ಪ್ರಮಾಣೀಕೃತ ಬೀಜಗಳನ್ನೇ ಖರೀದಿಸಬೇಕು ಎಂದು ಜಂಟಿ ಕೃಷಿ ನಿರ್ದೇಶಕರು ತಿಳಿಸಿದ್ದಾರೆ.
ಜಿಲ್ಲೆಯಲ್ಲಿ ಈ ಬಾರಿ ಮುಂಗಾರು ಪೂರ್ವ ಮಳೆ ಉತ್ತಮವಾಗಿ ಸುರಿದಿದ್ದು ರೈತರು ಕೃಷಿ ಚಟುವಟಿಕೆಗಳಲ್ಲಿ ತೊಡಗಿದ್ದಾರೆ. ಹೊಲಗಳನ್ನು ಹದಗೊಳಿಸುವ ಕಾರ್ಯ ಭರದಿಂದ ಸಾಗಿದೆ. ಕೃಷಿ ಇಲಾಖೆಯು ರೈತ ಸಂಪರ್ಕ ಕೇಂದ್ರಗಳ ಮೂಲಕ ಬಿತ್ತನೆ ಬೀಜ ಹಾಗೂ ರಸಗೊಬ್ಬರ ಪೂರೈಕೆಗೆ ಅಗತ್ಯ ಕ್ರಮ ಕೈಗೊಂಡಿದೆ. ಜಿಲ್ಲೆಯಲ್ಲಿ ಒಟ್ಟು 1,63,753 ಹೆಕ್ಟೇರ್ ಪ್ರದೇಶದಲ್ಲಿ ಬಿತ್ತನೆ ಗುರಿ ಹೊಂದಲಾಗಿದೆ. ಜಿಲ್ಲೆಯಲ್ಲಿ ಜನವರಿಯಿಂದ ಇಲ್ಲಿಯವರೆಗೆ 599.5 ಮಿ.ಮೀ ವಾಡಿಕೆ ಮಳೆಗೆ ಪ್ರತಿಯಾಗಿ ಹೆಚ್ಚಿನ ಮಳೆಯಾಗಿದೆ. ರೈತರು ಪ್ರಮಾಣೀಕೃತ ಬೀಜಗಳನ್ನೇ ಖರೀದಿಸಬೇಕು ಎಂದು ಜಂಟಿ ಕೃಷಿ ನಿರ್ದೇಶಕರು ತಿಳಿಸಿದ್ದಾರೆ.
ಜಿಲ್ಲೆಯಲ್ಲಿ ಈ ಬಾರಿ ಮುಂಗಾರು ಪೂರ್ವ ಮಳೆ ಉತ್ತಮವಾಗಿ ಸುರಿದಿದ್ದು ರೈತರು ಕೃಷಿ ಚಟುವಟಿಕೆಗಳಲ್ಲಿ ತೊಡಗಿದ್ದಾರೆ. ಹೊಲಗಳನ್ನು ಹದಗೊಳಿಸುವ ಕಾರ್ಯ ಭರದಿಂದ ಸಾಗಿದೆ. ಕೃಷಿ ಇಲಾಖೆಯು ರೈತ ಸಂಪರ್ಕ ಕೇಂದ್ರಗಳ ಮೂಲಕ ಬಿತ್ತನೆ ಬೀಜ ಹಾಗೂ ರಸಗೊಬ್ಬರ ಪೂರೈಕೆಗೆ ಅಗತ್ಯ ಕ್ರಮ ಕೈಗೊಂಡಿದೆ. ಜಿಲ್ಲೆಯಲ್ಲಿ ಒಟ್ಟು 1,63,753 ಹೆಕ್ಟೇರ್ ಪ್ರದೇಶದಲ್ಲಿ ಬಿತ್ತನೆ ಗುರಿ ಹೊಂದಲಾಗಿದೆ. ಜಿಲ್ಲೆಯಲ್ಲಿ ಜನವರಿಯಿಂದ ಇಲ್ಲಿಯವರೆಗೆ 599.5 ಮಿ.ಮೀ ವಾಡಿಕೆ ಮಳೆಗೆ ಪ್ರತಿಯಾಗಿ ಹೆಚ್ಚಿನ ಮಳೆಯಾಗಿದೆ. ರೈತರು ಪ್ರಮಾಣೀಕೃತ ಬೀಜಗಳನ್ನೇ ಖರೀದಿಸಬೇಕು ಎಂದು ಜಂಟಿ ಕೃಷಿ ನಿರ್ದೇಶಕರು ತಿಳಿಸಿದ್ದಾರೆ.
ಕಾಂಪ್ಲೆಕ್ಸ್: 45,580 ಮೆಟ್ರಿಕ್ ಟನ್
ಬೇಡಿಕೆ: 20880.9 ಮೆಟ್ರಿಕ್ ಟನ್
ಯೂರಿಯಾ: 44,350 ಮೆಟ್ರಿಕ್ ಟನ್
ಡಿಎಪಿ: 13,491.8 ಮೆಟ್ರಿಕ್ ಟನ್
ಎಂಓಪಿ: 542 ಮೆಟ್ರಿಕ್ ಟನ್
ಎಸ್‌ಎಸ್‌ಪಿ: 1,08,102 ಮೆಟ್ರಿಕ್ ಟನ್
ದಾಸ್ತಾನು: 40228.3 ಮೆಟ್ರಿಕ್ ಟನ್
ಭತ್ತ: 4,000 ಕ್ವಿಂಟಾಲ್
ಮೆಕ್ಕೆಜೋಳ: 3,600 ಕ್ವಿಂಟಾಲ್
ತೊಗರಿ: 660 ಕ್ವಿಂಟಾಲ್
ಸಜ್ಜೆ: 210 ಕ್ವಿಂಟಾಲ್
ನೆಲಗಡಲೆ: 2,800 ಕ್ವಿಂಟಾಲ್
ಸೂರ್ಯಕಾಂತಿ: 11,800 ಕ್ವಿಂಟಾಲ್
New	ಪೂಜಾ ಟ್ರಾವೆಲ್ಸ್
Quick Parcel Service Accepted
BELLARY
TO
BANGALORE
MANGALORE
MYSORE
HYDERABAD
MUMBAI
CHENNAI
BELLARY OFFICE
POOJA Travels
Opp Buda Complex, Mothi Circle, Dandu Road, Bellary
7259223770/9164300114
ಮೇ.31ರಂದು ವಿವಿಧ ವೃತ್ತಿಪರ
ಕೋರ್ಸ್ ತರಬೇತಿ ಪ್ರವೇಶ ಪರೀಕ್ಷೆ
ಕನ್ನಡನಾಡು ವಾರ್ತೆ
ಬಳ್ಳಾರಿ,ಮೇ.28: ಜಿಲ್ಲೆಯಲ್ಲಿ ಮೇ.31ರಂದು ವಿವಿಧ ವೃತ್ತಿಪರ ಕೋರ್ಸ್‌ಗಳ ತರಬೇತಿ ಪ್ರವೇಶಕ್ಕಾಗಿ ಪರೀಕ್ಷೆ ನಡೆಯಲಿದೆ. ಅಭ್ಯರ್ಥಿಗಳು ಪ್ರವೇಶ ಪತ್ರದೊಂದಿಗೆ ನಿಗದಿತ ಸಮಯಕ್ಕೆ ಮುಂಚಿತವಾಗಿ ಪರೀಕ್ಷಾ ಕೇಂದ್ರಕ್ಕೆ ಹಾಜರಾಗಬೇಕು. ಪರೀಕ್ಷಾ ಕೇಂದ್ರದೊಳಗೆ ಮೊಬೈಲ್ ಫೋನ್, ಕ್ಯಾಲ್ಕುಲೇಟರ್ ಸೇರಿದಂತೆ ಯಾವುದೇ ಎಲೆಕ್ಟ್ರಾನಿಕ್ ಉಪಕರಣಗಳನ್ನು ತರುವುದನ್ನು ನಿಷೇಧಿಸಲಾಗಿದೆ. ಹೆಚ್ಚಿನ ಮಾಹಿತಿಗಾಗಿ ಸಂಬಂಧಿಸಿದ ಕಚೇರಿಯನ್ನು ಸಂಪರ್ಕಿಸಬಹುದು ಎಂದು ಪ್ರಕಟಣೆಯಲ್ಲಿ ತಿಳಿಸಲಾಗಿದೆ.
ನೊಂದಣಿ ಸಂಖ್ಯೆ: 36682/2007-08
ಸಿರಿವಾರ ಪತ್ತಿನ ಸಹಕಾರ ಸಂಘ ನಿಯಮಿತ, ಸಿರಿವಾರ
ನೂತನ ಪ್ರಧಾನ ಕೇಂದ್ರ ಕಛೇರಿಯ ಉದ್ಘಾಟನಾ ಸಮಾರಂಭ
ದಿನಾಂಕ : 29-05-2025, ಗುರುವಾರ, ಸ್ಥಳ : ನವನಿದಿ ಕಾಂಪ್ಲೆಕ್ಸ್, ಸಿರಿವಾರ
ಶ್ರೀ ಎನ್. ಆರ್. ಬಸವ ನಾಯಕ ಅಧ್ಯಕ್ಷರು
ಸರ್ವರಿಗೂ ಆದರದ ಸುಸ್ವಾಗತ
ಸಿರಿವಾರ ಪತ್ತಿನ ಸಹಕಾರ ಸಂಘ ನಿಯಮಿತ ನಿರ್ದೇಶಕ ಮಂಡಳಿ ಹಾಗೂ ಸಿಬ್ಬಂದಿ ವರ್ಗ
EE NAMMA KANNADANADU, Kannada Daily, Edited, Printed, Published & Owned by Bhagyalakshmi.R., by on behalf of Kasthuri Publishers, Printed at Plot No.18, Industrial Area, Anantapur Road, BELLARY - 583101,
Prepaid Licence No. KRND-25. RNI Regd. No. 63828/95 ph: 08392-294035. Mail ID: enknbel@gmail.com
